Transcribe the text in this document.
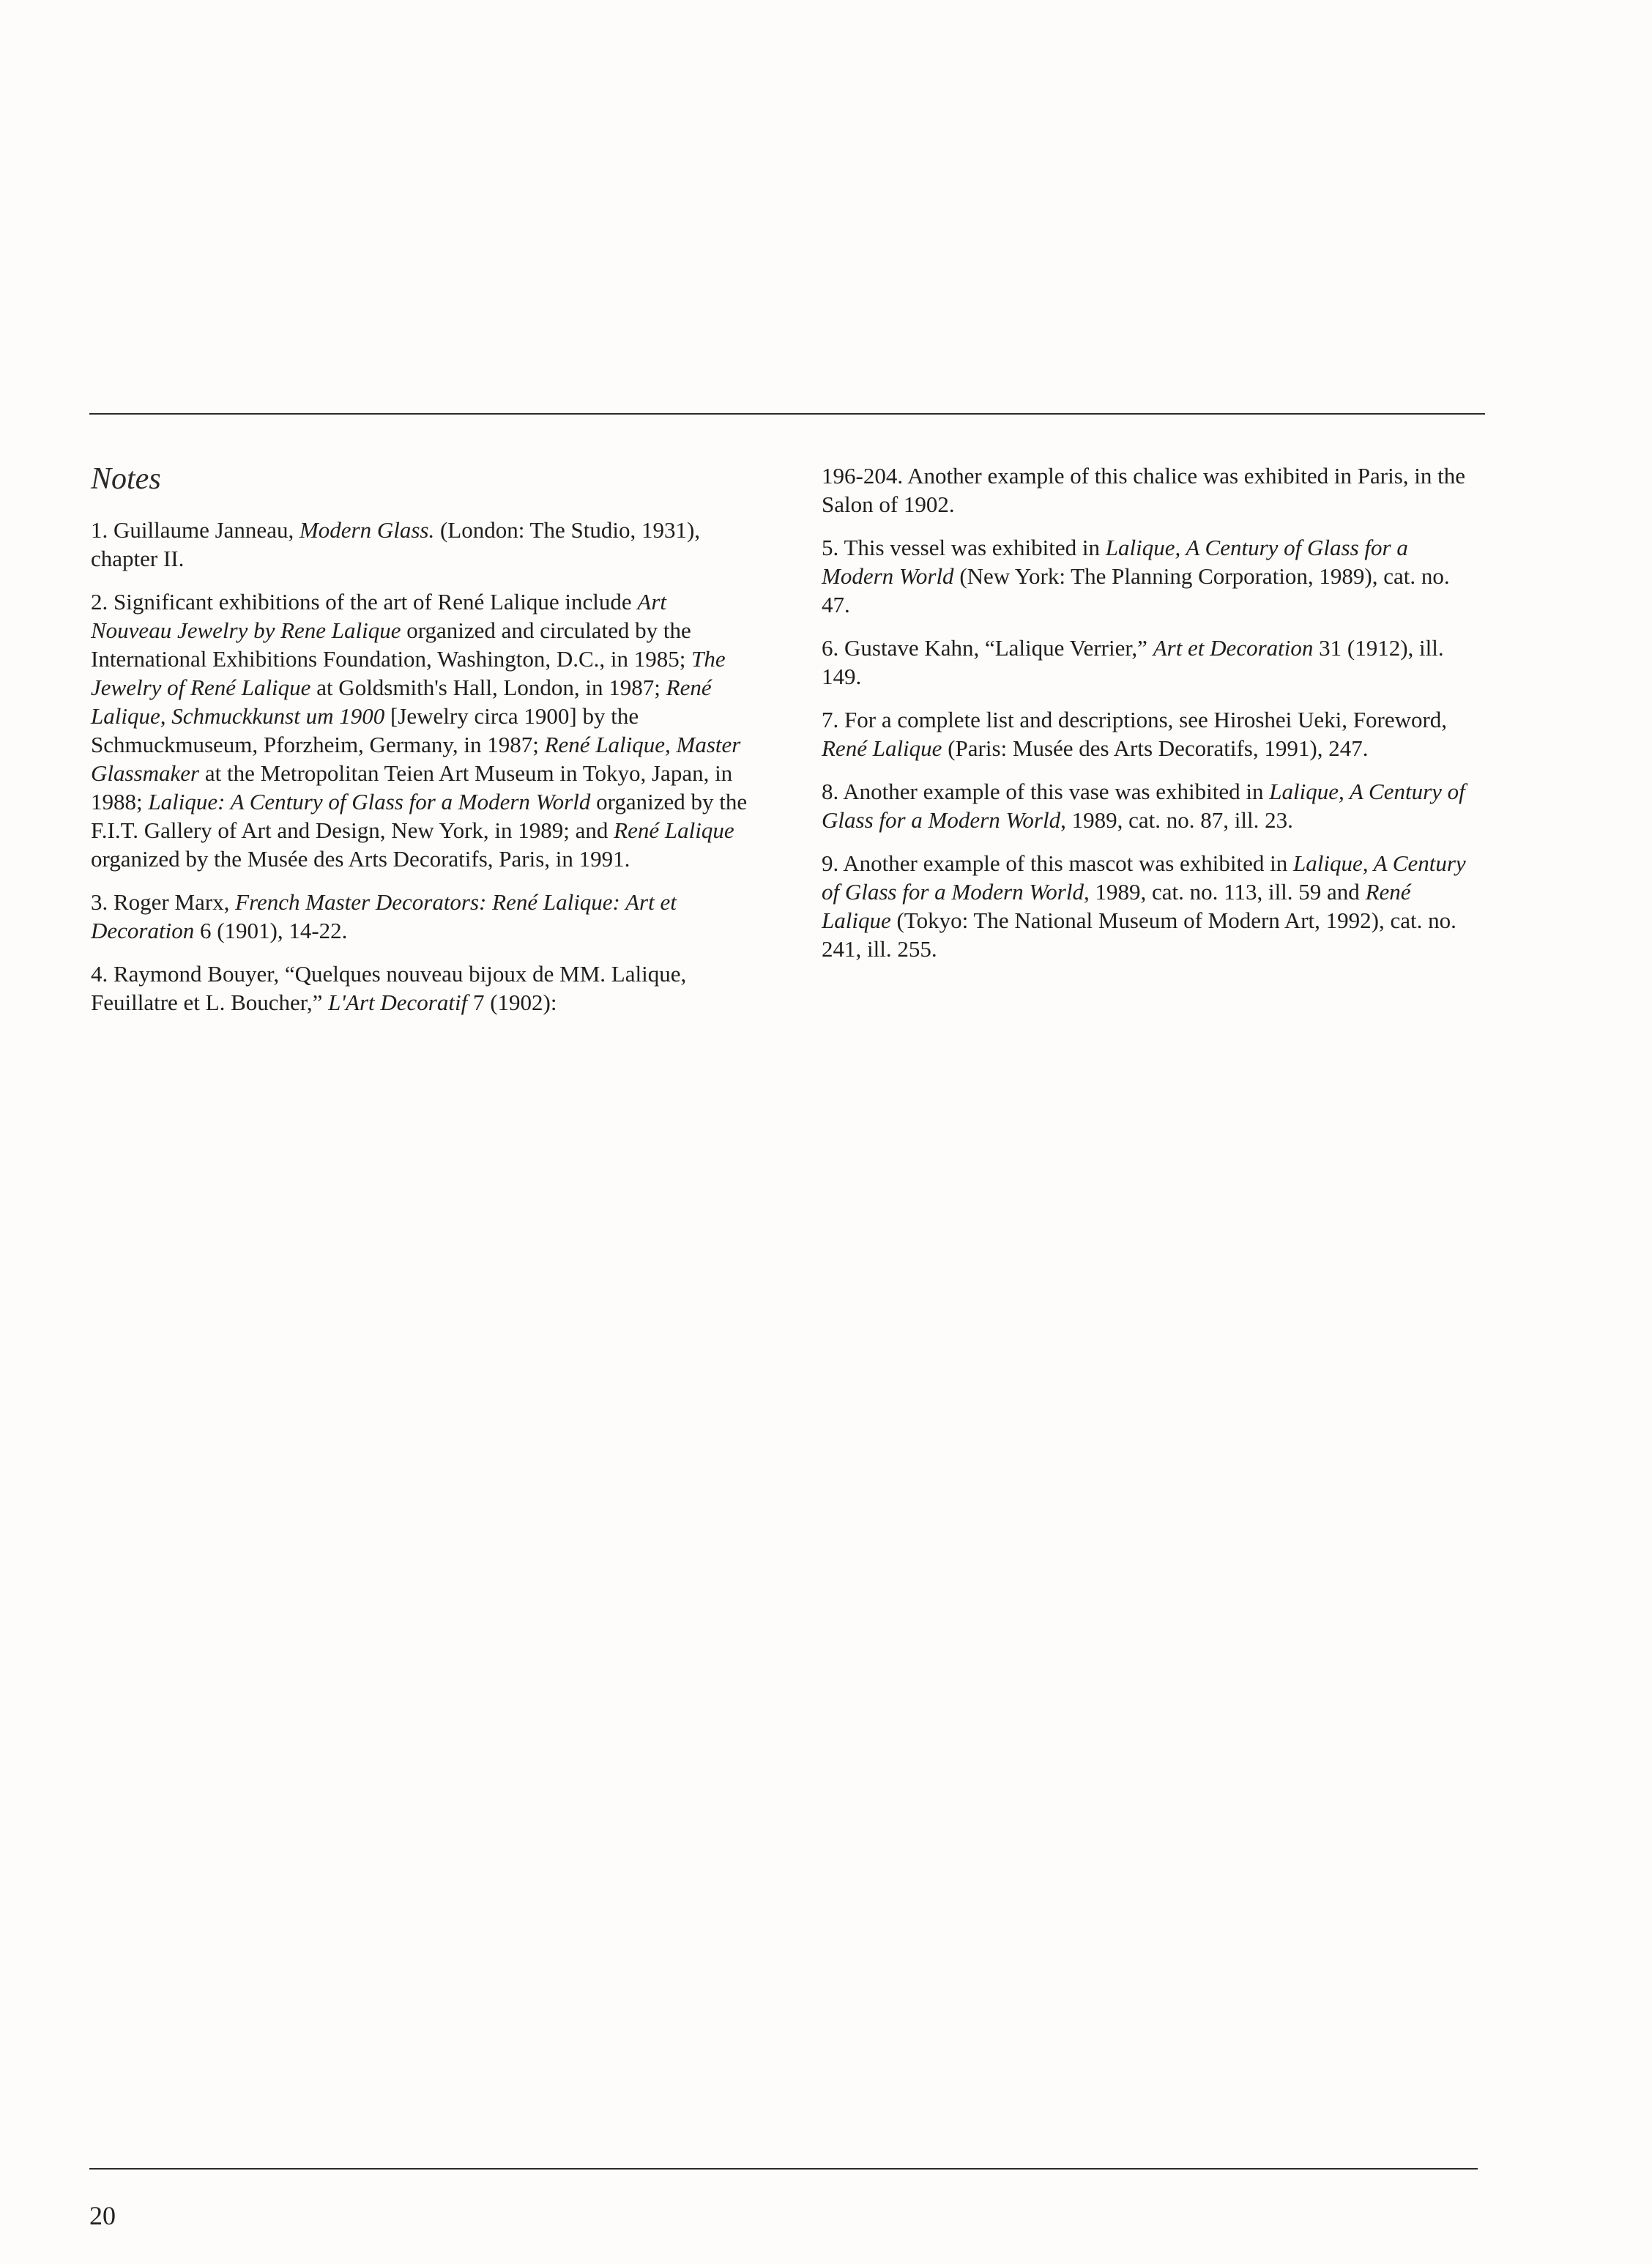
Notes

1. Guillaume Janneau, Modern Glass. (London: The Studio, 1931), chapter II.

2. Significant exhibitions of the art of René Lalique include Art Nouveau Jewelry by Rene Lalique organized and circulated by the International Exhibitions Foundation, Washington, D.C., in 1985; The Jewelry of René Lalique at Goldsmith's Hall, London, in 1987; René Lalique, Schmuckkunst um 1900 [Jewelry circa 1900] by the Schmuckmuseum, Pforzheim, Germany, in 1987; René Lalique, Master Glassmaker at the Metropolitan Teien Art Museum in Tokyo, Japan, in 1988; Lalique: A Century of Glass for a Modern World organized by the F.I.T. Gallery of Art and Design, New York, in 1989; and René Lalique organized by the Musée des Arts Decoratifs, Paris, in 1991.

3. Roger Marx, French Master Decorators: René Lalique: Art et Decoration 6 (1901), 14-22.

4. Raymond Bouyer, “Quelques nouveau bijoux de MM. Lalique, Feuillatre et L. Boucher,” L'Art Decoratif 7 (1902):

196-204. Another example of this chalice was exhibited in Paris, in the Salon of 1902.

5. This vessel was exhibited in Lalique, A Century of Glass for a Modern World (New York: The Planning Corporation, 1989), cat. no. 47.

6. Gustave Kahn, “Lalique Verrier,” Art et Decoration 31 (1912), ill. 149.

7. For a complete list and descriptions, see Hiroshei Ueki, Foreword, René Lalique (Paris: Musée des Arts Decoratifs, 1991), 247.

8. Another example of this vase was exhibited in Lalique, A Century of Glass for a Modern World, 1989, cat. no. 87, ill. 23.

9. Another example of this mascot was exhibited in Lalique, A Century of Glass for a Modern World, 1989, cat. no. 113, ill. 59 and René Lalique (Tokyo: The National Museum of Modern Art, 1992), cat. no. 241, ill. 255.

20
